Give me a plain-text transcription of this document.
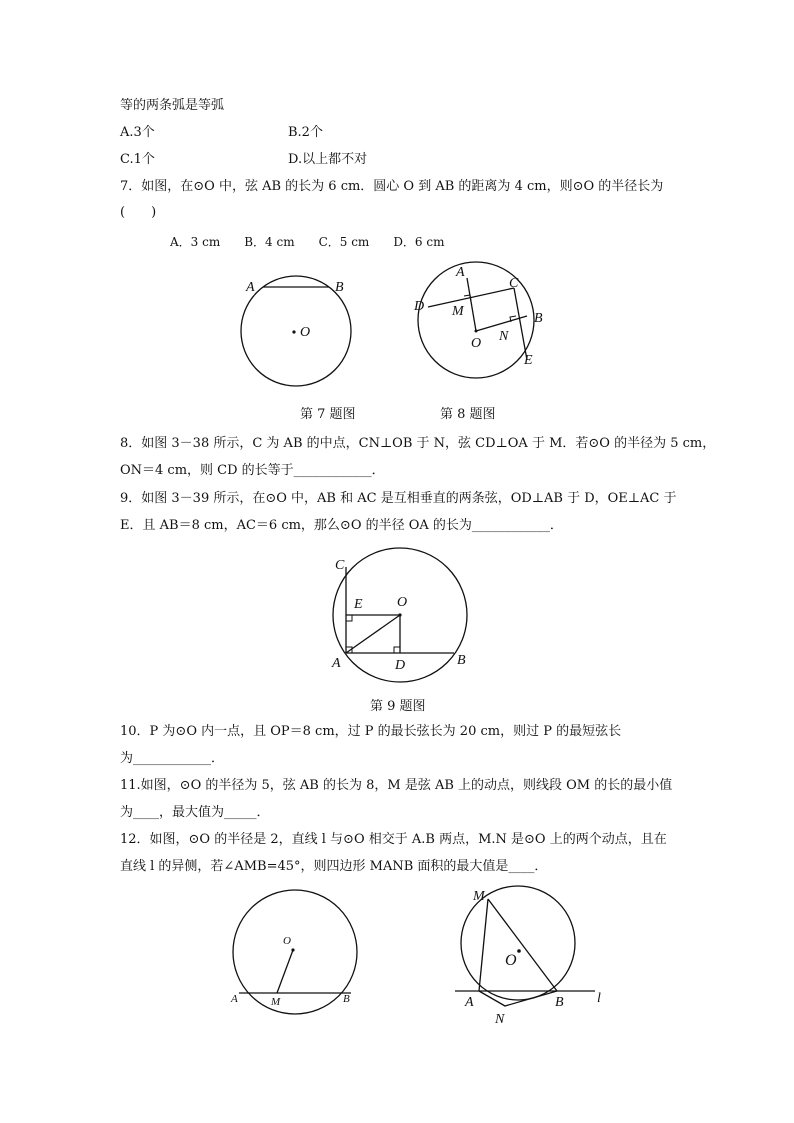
等的两条弧是等弧
A.3个	B.2个
C.1个	D.以上都不对
7．如图，在⊙O 中，弦 AB 的长为 6 cm．圆心 O 到 AB 的距离为 4 cm，则⊙O 的半径长为
(　　)
A．3 cm　　B．4 cm　　C．5 cm　　D．6 cm
A	B
O
A
C
D M	B
O N
E
第 7 题图	第 8 题图
8．如图 3－38 所示，C 为 AB 的中点，CN⊥OB 于 N，弦 CD⊥OA 于 M．若⊙O 的半径为 5 cm，
ON＝4 cm，则 CD 的长等于____________．
9．如图 3－39 所示，在⊙O 中，AB 和 AC 是互相垂直的两条弦，OD⊥AB 于 D，OE⊥AC 于
E．且 AB＝8 cm，AC＝6 cm，那么⊙O 的半径 OA 的长为____________．
C
E O
A	D	B
第 9 题图
10．P 为⊙O 内一点，且 OP＝8 cm，过 P 的最长弦长为 20 cm，则过 P 的最短弦长
为____________．
11.如图，⊙O 的半径为 5，弦 AB 的长为 8，M 是弦 AB 上的动点，则线段 OM 的长的最小值
为____，最大值为_____．
12．如图，⊙O 的半径是 2，直线 l 与⊙O 相交于 A.B 两点，M.N 是⊙O 上的两个动点，且在
直线 l 的异侧，若∠AMB=45°，则四边形 MANB 面积的最大值是____．
O
A	M	B
M
O
A	B
N
l
